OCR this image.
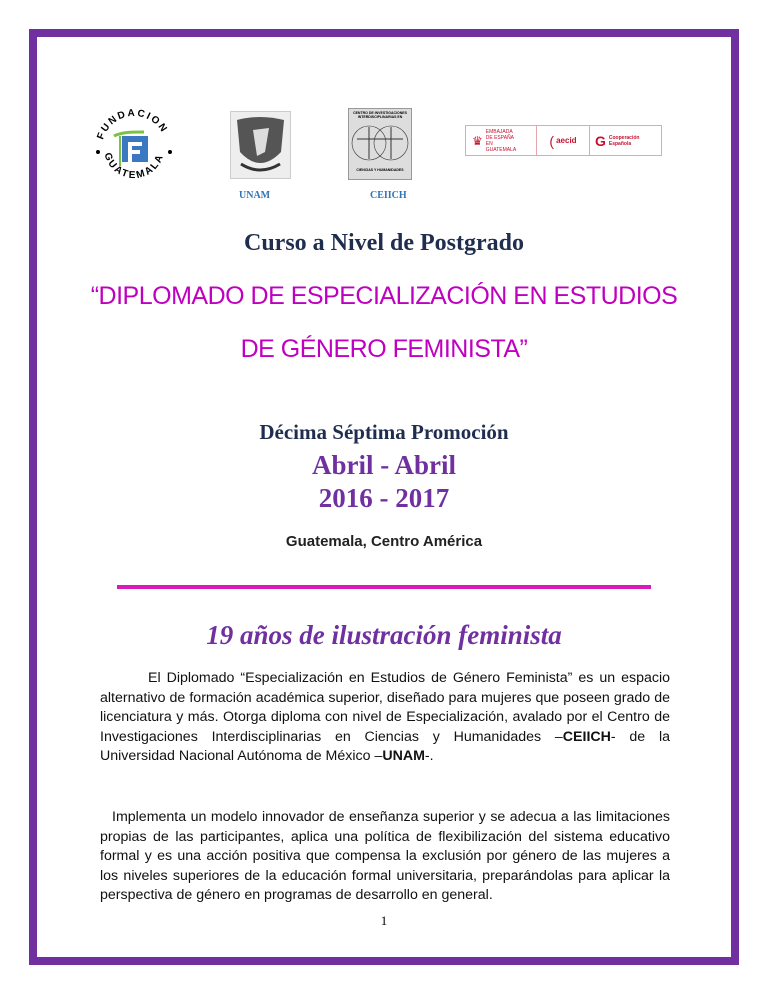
FUNDACION
GUATEMALA
UNAM
CENTRO DE INVESTIGACIONES INTERDISCIPLINARIAS EN
CIENCIAS Y HUMANIDADES
CEIICH
♛
EMBAJADA DE ESPAÑA EN GUATEMALA
( aecid G Cooperación Española
Curso a Nivel de Postgrado
“DIPLOMADO DE ESPECIALIZACIÓN EN ESTUDIOS
DE GÉNERO FEMINISTA”
Décima Séptima Promoción
Abril - Abril
2016 - 2017
Guatemala, Centro América
19 años de ilustración feminista
El Diplomado “Especialización en Estudios de Género Feminista” es un espacio alternativo de formación académica superior, diseñado para mujeres que poseen grado de licenciatura y más. Otorga diploma con nivel de Especialización, avalado por el Centro de Investigaciones Interdisciplinarias en Ciencias y Humanidades –CEIICH- de la Universidad Nacional Autónoma de México –UNAM-.
Implementa un modelo innovador de enseñanza superior y se adecua a las limitaciones propias de las participantes, aplica una política de flexibilización del sistema educativo formal y es una acción positiva que compensa la exclusión por género de las mujeres a los niveles superiores de la educación formal universitaria, preparándolas para aplicar la perspectiva de género en programas de desarrollo en general.
1
